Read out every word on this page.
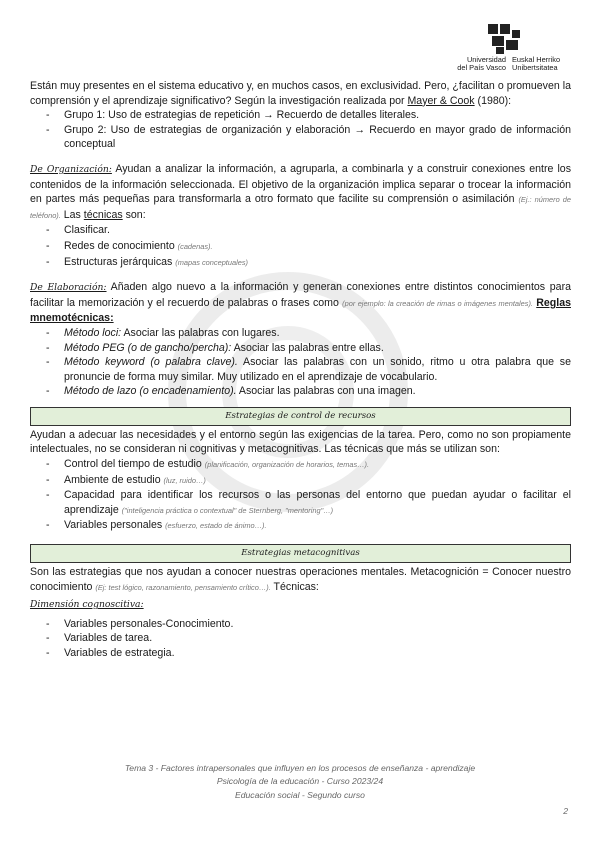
Universidad
del País Vasco
Euskal Herriko
Unibertsitatea

Están muy presentes en el sistema educativo y, en muchos casos, en exclusividad. Pero, ¿facilitan o promueven la comprensión y el aprendizaje significativo? Según la investigación realizada por Mayer & Cook (1980):

- Grupo 1: Uso de estrategias de repetición → Recuerdo de detalles literales.
- Grupo 2: Uso de estrategias de organización y elaboración → Recuerdo en mayor grado de información conceptual

De Organización: Ayudan a analizar la información, a agruparla, a combinarla y a construir conexiones entre los contenidos de la información seleccionada. El objetivo de la organización implica separar o trocear la información en partes más pequeñas para transformarla a otro formato que facilite su comprensión o asimilación (Ej.: número de teléfono). Las técnicas son:

- Clasificar.
- Redes de conocimiento (cadenas).
- Estructuras jerárquicas (mapas conceptuales)

De Elaboración: Añaden algo nuevo a la información y generan conexiones entre distintos conocimientos para facilitar la memorización y el recuerdo de palabras o frases como (por ejemplo: la creación de rimas o imágenes mentales). Reglas mnemotécnicas:

- Método loci: Asociar las palabras con lugares.
- Método PEG (o de gancho/percha): Asociar las palabras entre ellas.
- Método keyword (o palabra clave). Asociar las palabras con un sonido, ritmo u otra palabra que se pronuncie de forma muy similar. Muy utilizado en el aprendizaje de vocabulario.
- Método de lazo (o encadenamiento). Asociar las palabras con una imagen.
Estrategias de control de recursos

Ayudan a adecuar las necesidades y el entorno según las exigencias de la tarea. Pero, como no son propiamente intelectuales, no se consideran ni cognitivas y metacognitivas. Las técnicas que más se utilizan son:

- Control del tiempo de estudio (planificación, organización de horarios, temas…).
- Ambiente de estudio (luz, ruido…)
- Capacidad para identificar los recursos o las personas del entorno que puedan ayudar o facilitar el aprendizaje ("inteligencia práctica o contextual" de Sternberg, "mentoring"…)
- Variables personales (esfuerzo, estado de ánimo…).
Estrategias metacognitivas

Son las estrategias que nos ayudan a conocer nuestras operaciones mentales. Metacognición = Conocer nuestro conocimiento (Ej: test lógico, razonamiento, pensamiento crítico…). Técnicas:

Dimensión cognoscitiva:

- Variables personales-Conocimiento.
- Variables de tarea.
- Variables de estrategia.
Tema 3 - Factores intrapersonales que influyen en los procesos de enseñanza - aprendizaje
Psicología de la educación - Curso 2023/24
Educación social - Segundo curso
2
